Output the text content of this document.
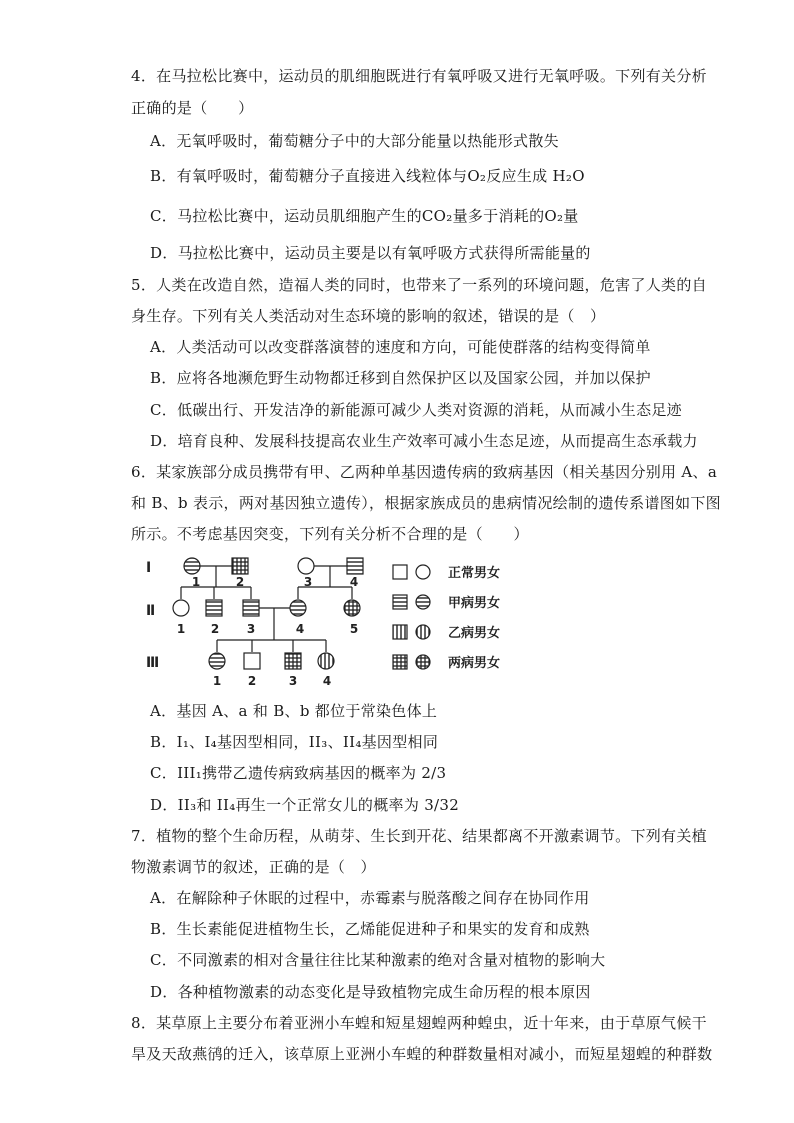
4．在马拉松比赛中，运动员的肌细胞既进行有氧呼吸又进行无氧呼吸。下列有关分析
正确的是（　　）
A．无氧呼吸时，葡萄糖分子中的大部分能量以热能形式散失
B．有氧呼吸时，葡萄糖分子直接进入线粒体与O₂反应生成 H₂O
C．马拉松比赛中，运动员肌细胞产生的CO₂量多于消耗的O₂量
D．马拉松比赛中，运动员主要是以有氧呼吸方式获得所需能量的
5．人类在改造自然，造福人类的同时，也带来了一系列的环境问题，危害了人类的自
身生存。下列有关人类活动对生态环境的影响的叙述，错误的是（　）
A．人类活动可以改变群落演替的速度和方向，可能使群落的结构变得简单
B．应将各地濒危野生动物都迁移到自然保护区以及国家公园，并加以保护
C．低碳出行、开发洁净的新能源可减少人类对资源的消耗，从而减小生态足迹
D．培育良种、发展科技提高农业生产效率可减小生态足迹，从而提高生态承载力
6．某家族部分成员携带有甲、乙两种单基因遗传病的致病基因（相关基因分别用 A、a
和 B、b 表示，两对基因独立遗传），根据家族成员的患病情况绘制的遗传系谱图如下图
所示。不考虑基因突变，下列有关分析不合理的是（　　）
Ⅰ
Ⅱ
Ⅲ
1	2	3	4
1 2 3	4	5
1 2	3 4
正常男女
甲病男女
乙病男女
两病男女
A．基因 A、a 和 B、b 都位于常染色体上
B．I₁、I₄基因型相同，II₃、II₄基因型相同
C．III₁携带乙遗传病致病基因的概率为 2/3
D．II₃和 II₄再生一个正常女儿的概率为 3/32
7．植物的整个生命历程，从萌芽、生长到开花、结果都离不开激素调节。下列有关植
物激素调节的叙述，正确的是（　）
A．在解除种子休眠的过程中，赤霉素与脱落酸之间存在协同作用
B．生长素能促进植物生长，乙烯能促进种子和果实的发育和成熟
C．不同激素的相对含量往往比某种激素的绝对含量对植物的影响大
D．各种植物激素的动态变化是导致植物完成生命历程的根本原因
8．某草原上主要分布着亚洲小车蝗和短星翅蝗两种蝗虫，近十年来，由于草原气候干
旱及天敌燕鸻的迁入，该草原上亚洲小车蝗的种群数量相对减小，而短星翅蝗的种群数
